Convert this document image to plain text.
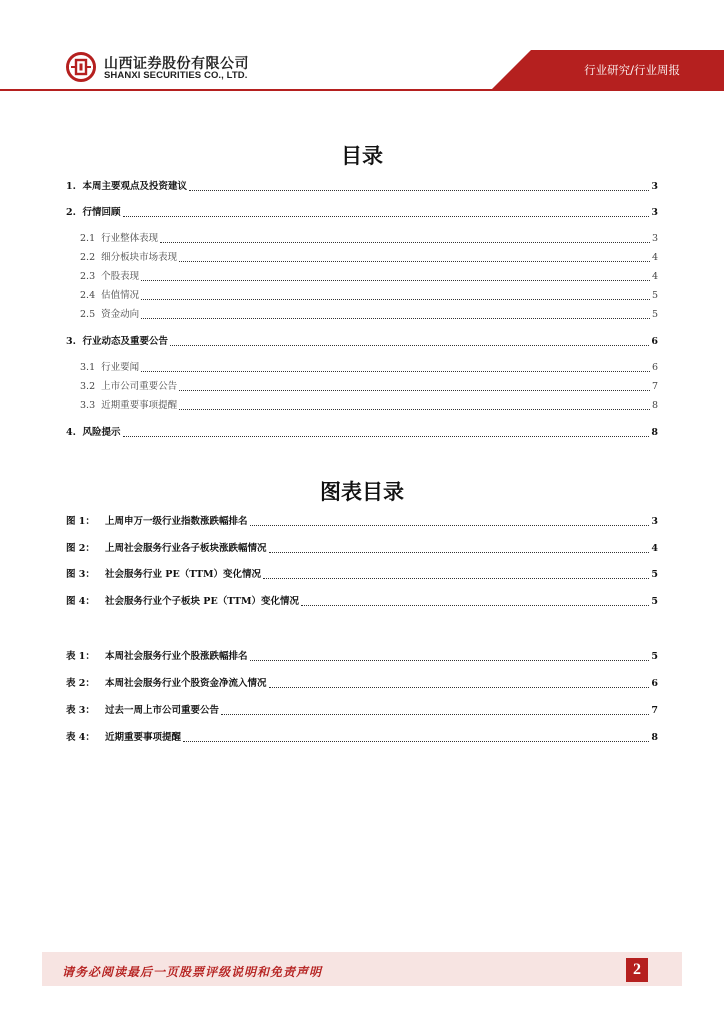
山西证券股份有限公司
SHANXI SECURITIES CO., LTD.	行业研究/行业周报
目录
1. 本周主要观点及投资建议	3
2. 行情回顾	3
2.1 行业整体表现	3
2.2 细分板块市场表现	4
2.3 个股表现	4
2.4 估值情况	5
2.5 资金动向	5
3. 行业动态及重要公告	6
3.1 行业要闻	6
3.2 上市公司重要公告	7
3.3 近期重要事项提醒	8
4. 风险提示	8
图表目录
图 1：	上周申万一级行业指数涨跌幅排名	3
图 2：	上周社会服务行业各子板块涨跌幅情况	4
图 3：	社会服务行业 PE（TTM）变化情况	5
图 4：	社会服务行业个子板块 PE（TTM）变化情况	5
表 1：	本周社会服务行业个股涨跌幅排名	5
表 2：	本周社会服务行业个股资金净流入情况	6
表 3：	过去一周上市公司重要公告	7
表 4：	近期重要事项提醒	8
请务必阅读最后一页股票评级说明和免责声明	2
